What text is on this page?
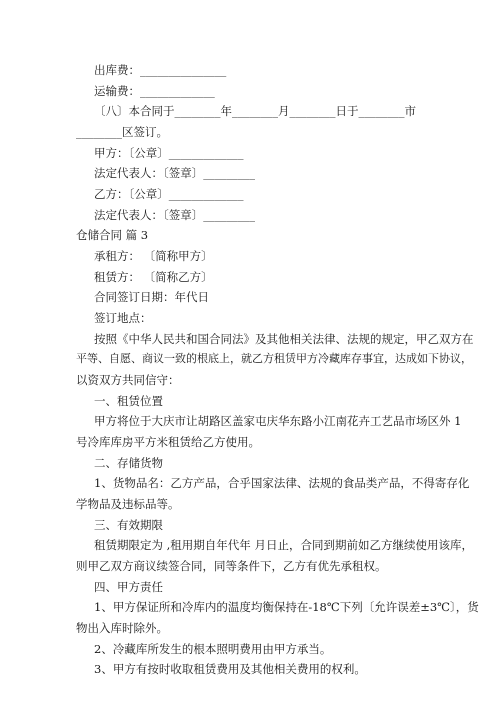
出库费：_______________
运输费：_____________
〔八〕本合同于________年________月________日于________市
________区签订。
甲方：〔公章〕_____________
法定代表人：〔签章〕_________
乙方：〔公章〕_____________
法定代表人：〔签章〕_________
仓储合同 篇 3
承租方： 〔简称甲方〕
租赁方： 〔简称乙方〕
合同签订日期：年代日
签订地点：
按照《中华人民共和国合同法》及其他相关法律、法规的规定，甲乙双方在
平等、自愿、商议一致的根底上，就乙方租赁甲方冷藏库存事宜，达成如下协议，
以资双方共同信守：
一、租赁位置
甲方将位于大庆市让胡路区盖家屯庆华东路小江南花卉工艺品市场区外 1
号冷库库房平方米租赁给乙方使用。
二、存储货物
1、货物品名：乙方产品，合乎国家法律、法规的食品类产品，不得寄存化
学物品及违标品等。
三、有效期限
租赁期限定为 ,租用期自年代年 月日止，合同到期前如乙方继续使用该库，
则甲乙双方商议续签合同，同等条件下，乙方有优先承租权。
四、甲方责任
1、甲方保证所和冷库内的温度均衡保持在-18℃下列〔允许误差±3℃〕，货
物出入库时除外。
2、冷藏库所发生的根本照明费用由甲方承当。
3、甲方有按时收取租赁费用及其他相关费用的权利。
